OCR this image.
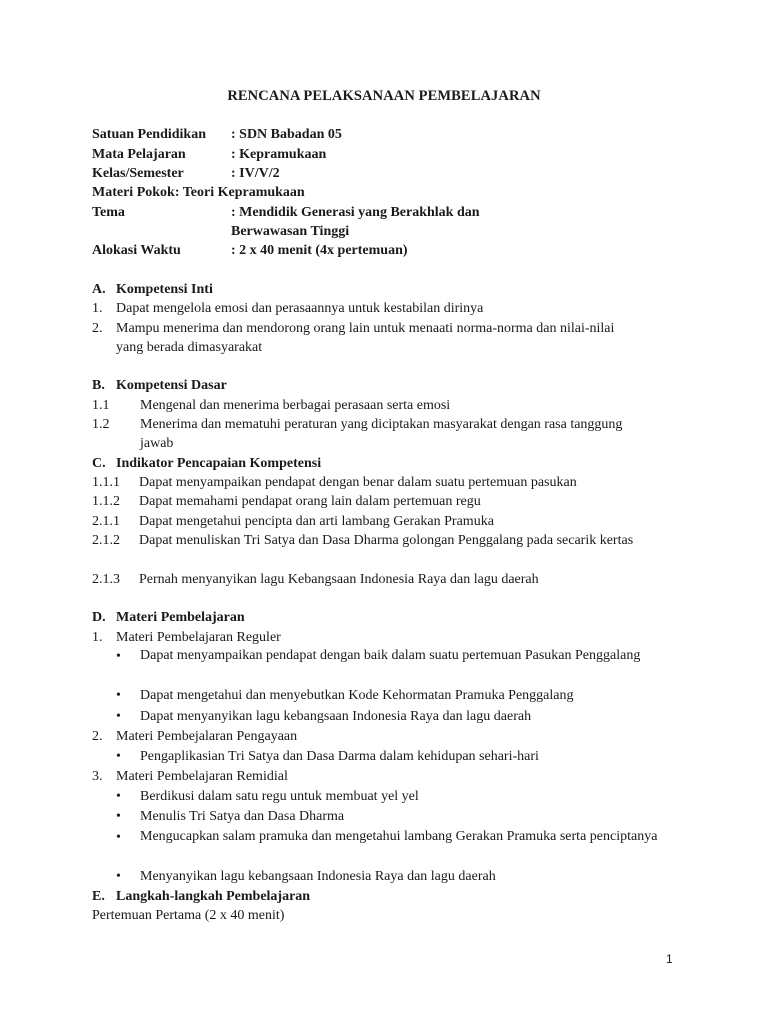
RENCANA PELAKSANAAN PEMBELAJARAN
Satuan Pendidikan : SDN Babadan 05
Mata Pelajaran	: Kepramukaan
Kelas/Semester	: IV/V/2
Materi Pokok: Teori Kepramukaan
Tema	: Mendidik Generasi yang Berakhlak dan
Berwawasan Tinggi
Alokasi Waktu	: 2 x 40 menit (4x pertemuan)
A. Kompetensi Inti
1. Dapat mengelola emosi dan perasaannya untuk kestabilan dirinya
2. Mampu menerima dan mendorong orang lain untuk menaati norma-norma dan nilai-nilai
yang berada dimasyarakat
B. Kompetensi Dasar
1.1 Mengenal dan menerima berbagai perasaan serta emosi
1.2 Menerima dan mematuhi peraturan yang diciptakan masyarakat dengan rasa tanggung
jawab
C. Indikator Pencapaian Kompetensi
1.1.1 Dapat menyampaikan pendapat dengan benar dalam suatu pertemuan pasukan
1.1.2 Dapat memahami pendapat orang lain dalam pertemuan regu
2.1.1 Dapat mengetahui pencipta dan arti lambang Gerakan Pramuka
2.1.2 Dapat menuliskan Tri Satya dan Dasa Dharma golongan Penggalang pada secarik kertas
2.1.3 Pernah menyanyikan lagu Kebangsaan Indonesia Raya dan lagu daerah
D. Materi Pembelajaran
1. Materi Pembelajaran Reguler
• Dapat menyampaikan pendapat dengan baik dalam suatu pertemuan Pasukan Penggalang
• Dapat mengetahui dan menyebutkan Kode Kehormatan Pramuka Penggalang
• Dapat menyanyikan lagu kebangsaan Indonesia Raya dan lagu daerah
2. Materi Pembejalaran Pengayaan
• Pengaplikasian Tri Satya dan Dasa Darma dalam kehidupan sehari-hari
3. Materi Pembelajaran Remidial
• Berdikusi dalam satu regu untuk membuat yel yel
• Menulis Tri Satya dan Dasa Dharma
• Mengucapkan salam pramuka dan mengetahui lambang Gerakan Pramuka serta penciptanya
• Menyanyikan lagu kebangsaan Indonesia Raya dan lagu daerah
E. Langkah-langkah Pembelajaran
Pertemuan Pertama (2 x 40 menit)
1
